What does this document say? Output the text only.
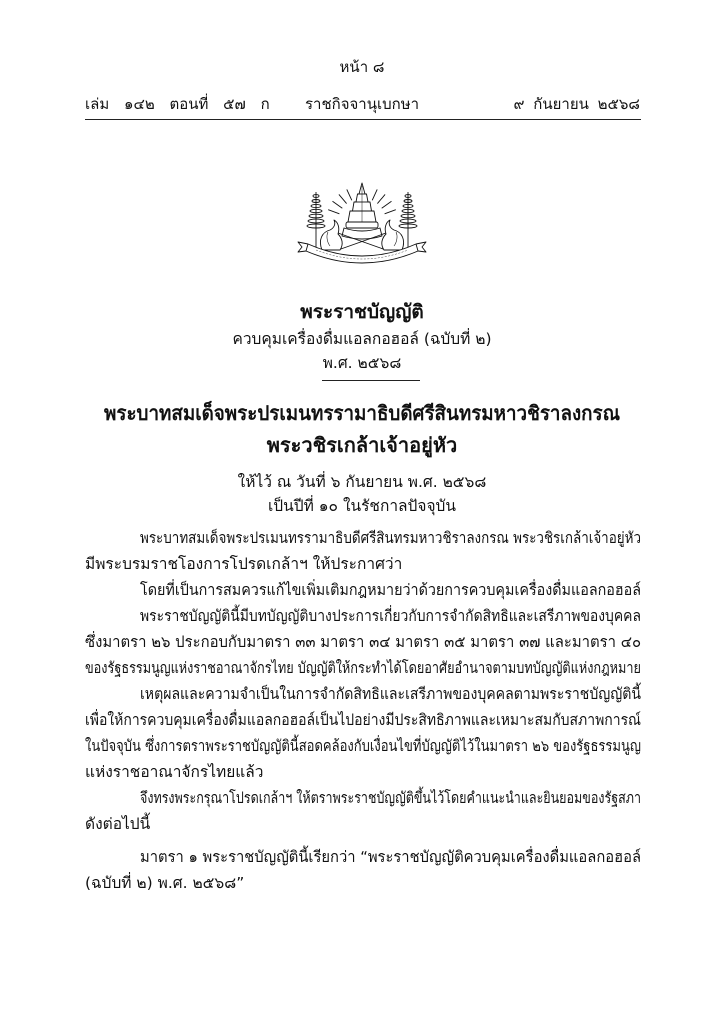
หน้า ๘
เล่ม ๑๔๒ ตอนที่ ๕๗ ก	ราชกิจจานุเบกษา	๙ กันยายน ๒๕๖๘
พระราชบัญญัติ
ควบคุมเครื่องดื่มแอลกอฮอล์ (ฉบับที่ ๒)
พ.ศ. ๒๕๖๘
พระบาทสมเด็จพระปรเมนทรรามาธิบดีศรีสินทรมหาวชิราลงกรณ
พระวชิรเกล้าเจ้าอยู่หัว
ให้ไว้ ณ วันที่ ๖ กันยายน พ.ศ. ๒๕๖๘
เป็นปีที่ ๑๐ ในรัชกาลปัจจุบัน
พระบาทสมเด็จพระปรเมนทรรามาธิบดีศรีสินทรมหาวชิราลงกรณ พระวชิรเกล้าเจ้าอยู่หัว
มีพระบรมราชโองการโปรดเกล้าฯ ให้ประกาศว่า
โดยที่เป็นการสมควรแก้ไขเพิ่มเติมกฎหมายว่าด้วยการควบคุมเครื่องดื่มแอลกอฮอล์
พระราชบัญญัตินี้มีบทบัญญัติบางประการเกี่ยวกับการจำกัดสิทธิและเสรีภาพของบุคคล
ซึ่งมาตรา ๒๖ ประกอบกับมาตรา ๓๓ มาตรา ๓๔ มาตรา ๓๕ มาตรา ๓๗ และมาตรา ๔๐
ของรัฐธรรมนูญแห่งราชอาณาจักรไทย บัญญัติให้กระทำได้โดยอาศัยอำนาจตามบทบัญญัติแห่งกฎหมาย
เหตุผลและความจำเป็นในการจำกัดสิทธิและเสรีภาพของบุคคลตามพระราชบัญญัตินี้
เพื่อให้การควบคุมเครื่องดื่มแอลกอฮอล์เป็นไปอย่างมีประสิทธิภาพและเหมาะสมกับสภาพการณ์
ในปัจจุบัน ซึ่งการตราพระราชบัญญัตินี้สอดคล้องกับเงื่อนไขที่บัญญัติไว้ในมาตรา ๒๖ ของรัฐธรรมนูญ
แห่งราชอาณาจักรไทยแล้ว
จึงทรงพระกรุณาโปรดเกล้าฯ ให้ตราพระราชบัญญัติขึ้นไว้โดยคำแนะนำและยินยอมของรัฐสภา
ดังต่อไปนี้
มาตรา ๑ พระราชบัญญัตินี้เรียกว่า “พระราชบัญญัติควบคุมเครื่องดื่มแอลกอฮอล์
(ฉบับที่ ๒) พ.ศ. ๒๕๖๘”
